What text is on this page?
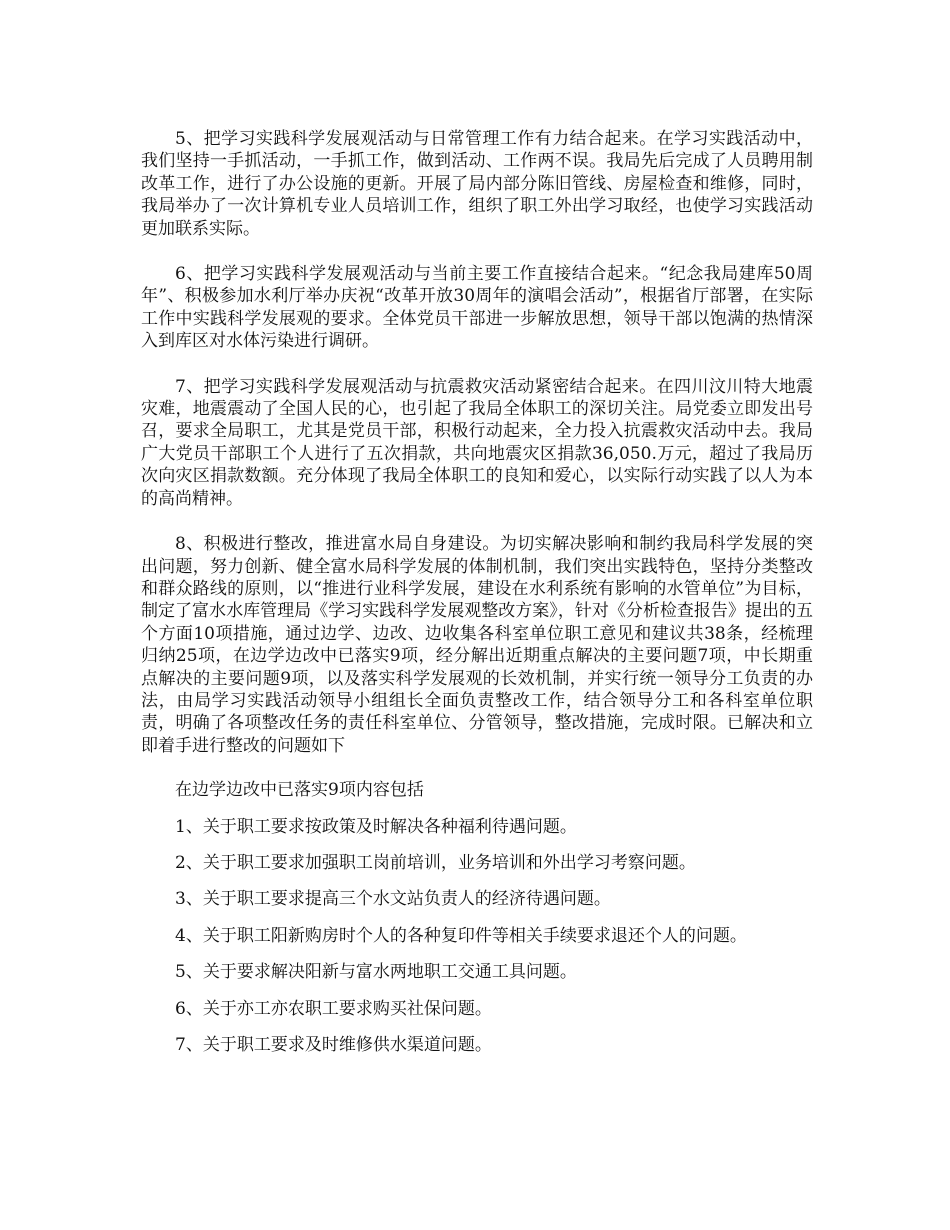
5、把学习实践科学发展观活动与日常管理工作有力结合起来。在学习实践活动中，我们坚持一手抓活动，一手抓工作，做到活动、工作两不误。我局先后完成了人员聘用制改革工作，进行了办公设施的更新。开展了局内部分陈旧管线、房屋检查和维修，同时，我局举办了一次计算机专业人员培训工作，组织了职工外出学习取经，也使学习实践活动更加联系实际。

6、把学习实践科学发展观活动与当前主要工作直接结合起来。“纪念我局建库50周年”、积极参加水利厅举办庆祝“改革开放30周年的演唱会活动”，根据省厅部署，在实际工作中实践科学发展观的要求。全体党员干部进一步解放思想，领导干部以饱满的热情深入到库区对水体污染进行调研。

7、把学习实践科学发展观活动与抗震救灾活动紧密结合起来。在四川汶川特大地震灾难，地震震动了全国人民的心，也引起了我局全体职工的深切关注。局党委立即发出号召，要求全局职工，尤其是党员干部，积极行动起来，全力投入抗震救灾活动中去。我局广大党员干部职工个人进行了五次捐款，共向地震灾区捐款36,050.万元，超过了我局历次向灾区捐款数额。充分体现了我局全体职工的良知和爱心，以实际行动实践了以人为本的高尚精神。

8、积极进行整改，推进富水局自身建设。为切实解决影响和制约我局科学发展的突出问题，努力创新、健全富水局科学发展的体制机制，我们突出实践特色，坚持分类整改和群众路线的原则，以“推进行业科学发展，建设在水利系统有影响的水管单位”为目标，制定了富水水库管理局《学习实践科学发展观整改方案》，针对《分析检查报告》提出的五个方面10项措施，通过边学、边改、边收集各科室单位职工意见和建议共38条，经梳理归纳25项，在边学边改中已落实9项，经分解出近期重点解决的主要问题7项，中长期重点解决的主要问题9项，以及落实科学发展观的长效机制，并实行统一领导分工负责的办法，由局学习实践活动领导小组组长全面负责整改工作，结合领导分工和各科室单位职责，明确了各项整改任务的责任科室单位、分管领导，整改措施，完成时限。已解决和立即着手进行整改的问题如下

在边学边改中已落实9项内容包括

1、关于职工要求按政策及时解决各种福利待遇问题。

2、关于职工要求加强职工岗前培训，业务培训和外出学习考察问题。

3、关于职工要求提高三个水文站负责人的经济待遇问题。

4、关于职工阳新购房时个人的各种复印件等相关手续要求退还个人的问题。

5、关于要求解决阳新与富水两地职工交通工具问题。

6、关于亦工亦农职工要求购买社保问题。

7、关于职工要求及时维修供水渠道问题。
